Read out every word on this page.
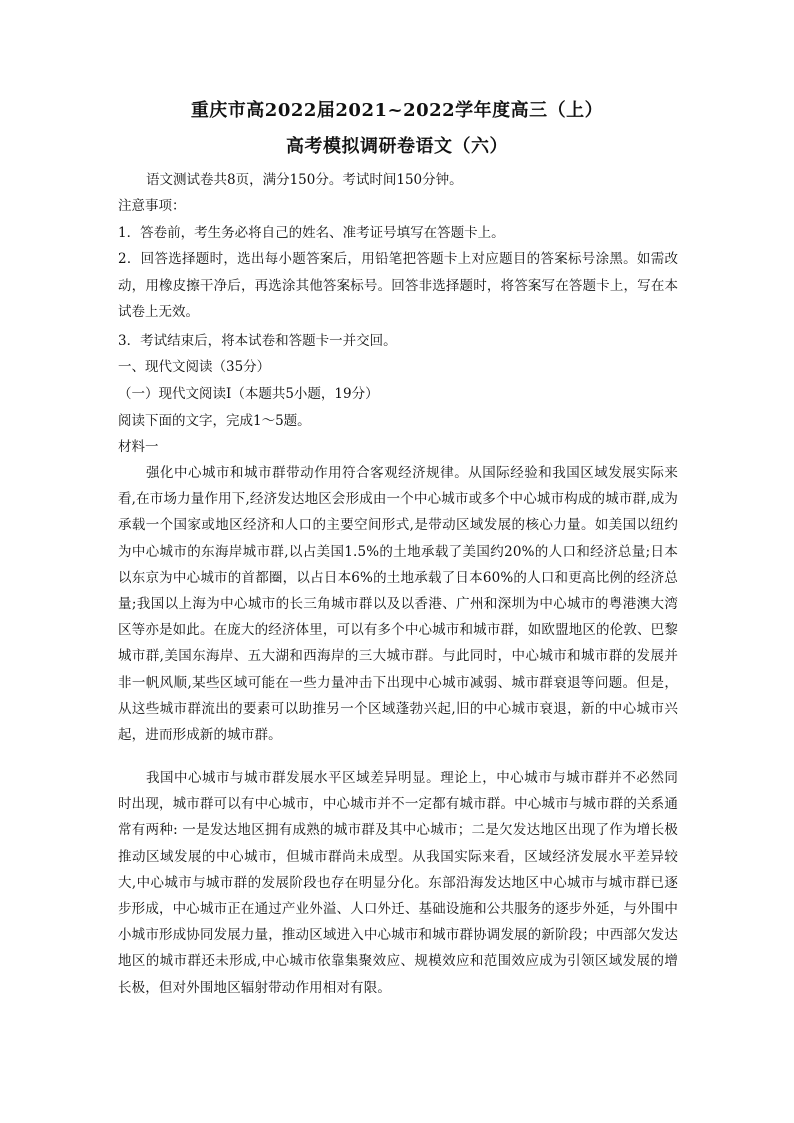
重庆市高2022届2021~2022学年度高三（上）
高考模拟调研卷语文（六）
语文测试卷共8页，满分150分。考试时间150分钟。
注意事项：
1．答卷前，考生务必将自己的姓名、准考证号填写在答题卡上。
2．回答选择题时，选出每小题答案后，用铅笔把答题卡上对应题目的答案标号涂黑。如需改动，用橡皮擦干净后，再选涂其他答案标号。回答非选择题时，将答案写在答题卡上，写在本试卷上无效。
3．考试结束后，将本试卷和答题卡一并交回。
一、现代文阅读（35分）
（一）现代文阅读Ⅰ（本题共5小题，19分）
阅读下面的文字，完成1～5题。
材料一
强化中心城市和城市群带动作用符合客观经济规律。从国际经验和我国区域发展实际来看,在市场力量作用下,经济发达地区会形成由一个中心城市或多个中心城市构成的城市群,成为承载一个国家或地区经济和人口的主要空间形式,是带动区域发展的核心力量。如美国以纽约为中心城市的东海岸城市群,以占美国1.5%的土地承载了美国约20%的人口和经济总量;日本以东京为中心城市的首都圈，以占日本6%的土地承载了日本60%的人口和更高比例的经济总量;我国以上海为中心城市的长三角城市群以及以香港、广州和深圳为中心城市的粤港澳大湾区等亦是如此。在庞大的经济体里，可以有多个中心城市和城市群，如欧盟地区的伦敦、巴黎城市群,美国东海岸、五大湖和西海岸的三大城市群。与此同时，中心城市和城市群的发展并非一帆风顺,某些区域可能在一些力量冲击下出现中心城市减弱、城市群衰退等问题。但是，从这些城市群流出的要素可以助推另一个区域蓬勃兴起,旧的中心城市衰退，新的中心城市兴起，进而形成新的城市群。
我国中心城市与城市群发展水平区域差异明显。理论上，中心城市与城市群并不必然同时出现，城市群可以有中心城市，中心城市并不一定都有城市群。中心城市与城市群的关系通常有两种: 一是发达地区拥有成熟的城市群及其中心城市；二是欠发达地区出现了作为增长极推动区域发展的中心城市，但城市群尚未成型。从我国实际来看，区域经济发展水平差异较大,中心城市与城市群的发展阶段也存在明显分化。东部沿海发达地区中心城市与城市群已逐步形成，中心城市正在通过产业外溢、人口外迁、基础设施和公共服务的逐步外延，与外围中小城市形成协同发展力量，推动区域进入中心城市和城市群协调发展的新阶段；中西部欠发达地区的城市群还未形成,中心城市依靠集聚效应、规模效应和范围效应成为引领区域发展的增长极，但对外围地区辐射带动作用相对有限。
